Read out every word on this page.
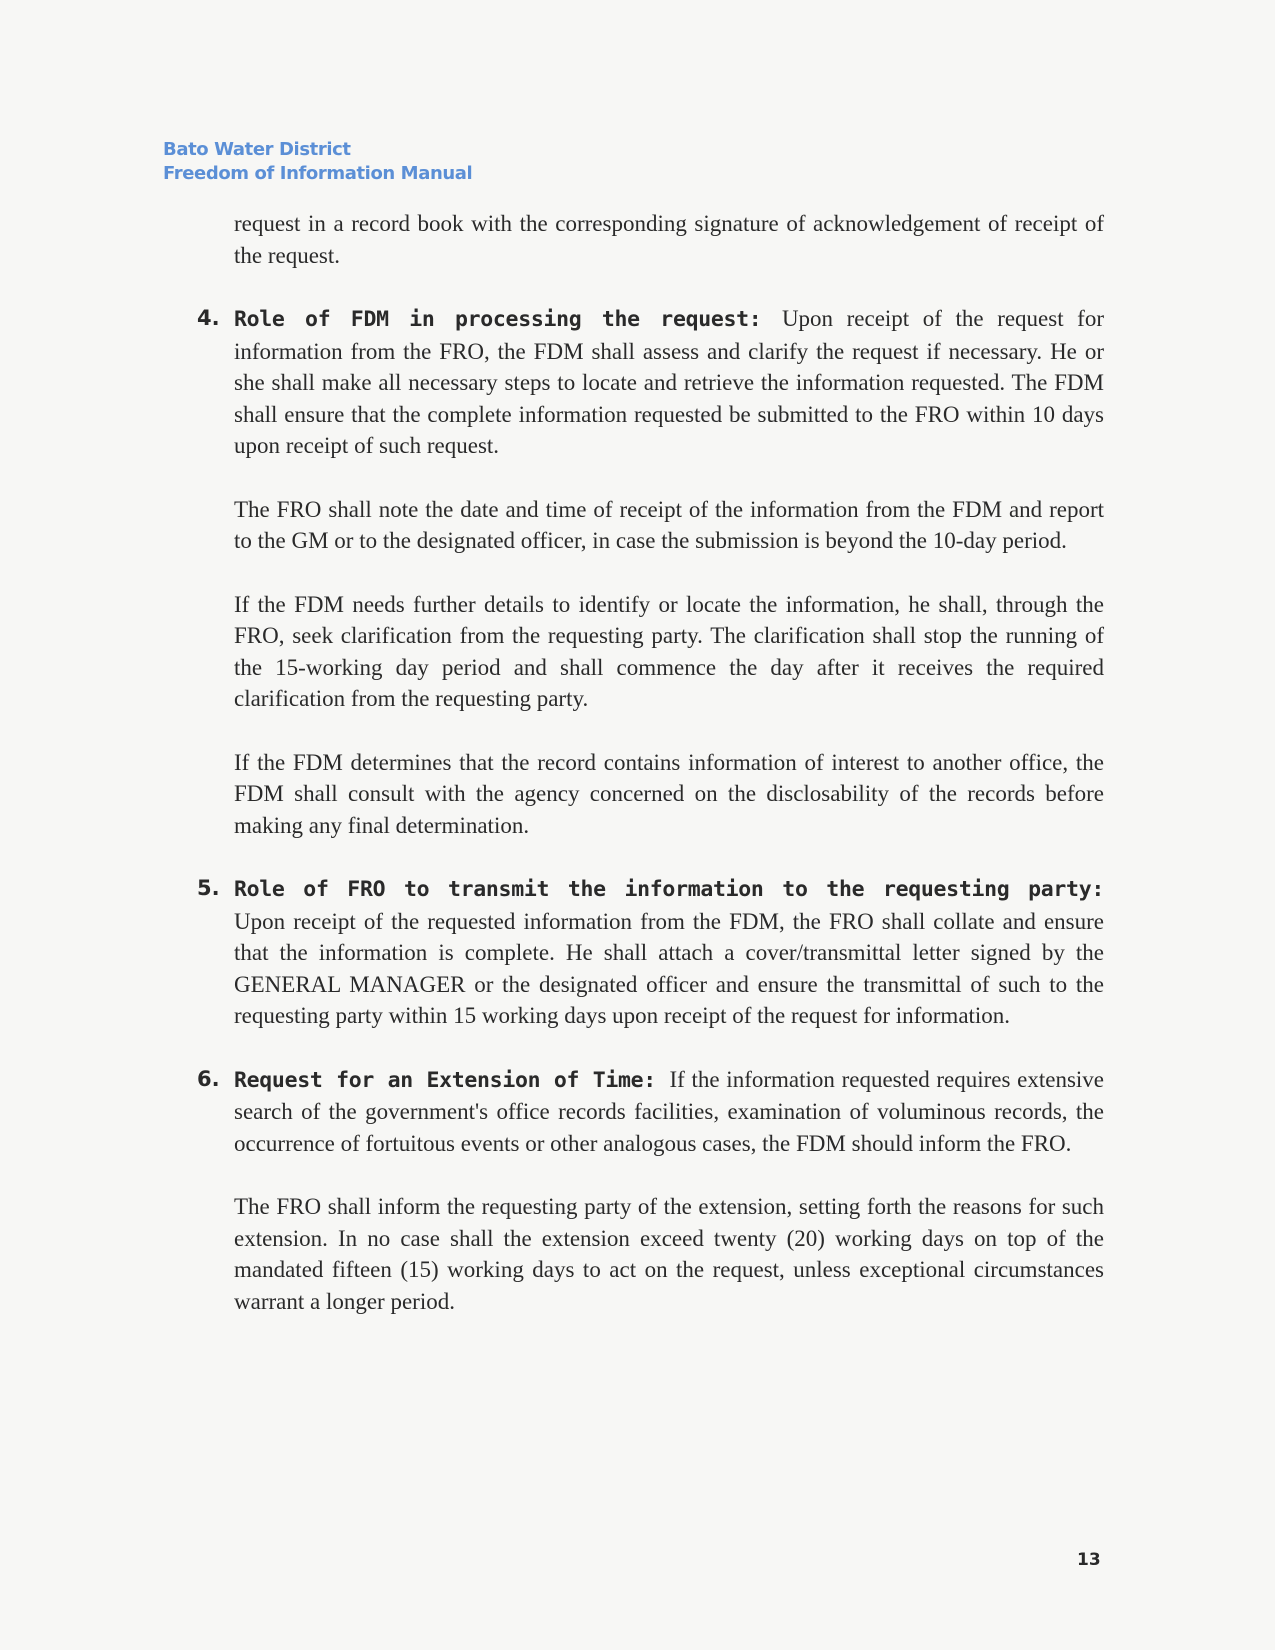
Bato Water District
Freedom of Information Manual

request in a record book with the corresponding signature of acknowledgement of receipt of the request.

4. Role of FDM in processing the request: Upon receipt of the request for information from the FRO, the FDM shall assess and clarify the request if necessary. He or she shall make all necessary steps to locate and retrieve the information requested. The FDM shall ensure that the complete information requested be submitted to the FRO within 10 days upon receipt of such request.

The FRO shall note the date and time of receipt of the information from the FDM and report to the GM or to the designated officer, in case the submission is beyond the 10-day period.

If the FDM needs further details to identify or locate the information, he shall, through the FRO, seek clarification from the requesting party. The clarification shall stop the running of the 15-working day period and shall commence the day after it receives the required clarification from the requesting party.

If the FDM determines that the record contains information of interest to another office, the FDM shall consult with the agency concerned on the disclosability of the records before making any final determination.

5. Role of FRO to transmit the information to the requesting party: Upon receipt of the requested information from the FDM, the FRO shall collate and ensure that the information is complete. He shall attach a cover/transmittal letter signed by the GENERAL MANAGER or the designated officer and ensure the transmittal of such to the requesting party within 15 working days upon receipt of the request for information.
6. Request for an Extension of Time: If the information requested requires extensive search of the government's office records facilities, examination of voluminous records, the occurrence of fortuitous events or other analogous cases, the FDM should inform the FRO.

The FRO shall inform the requesting party of the extension, setting forth the reasons for such extension. In no case shall the extension exceed twenty (20) working days on top of the mandated fifteen (15) working days to act on the request, unless exceptional circumstances warrant a longer period.

13
